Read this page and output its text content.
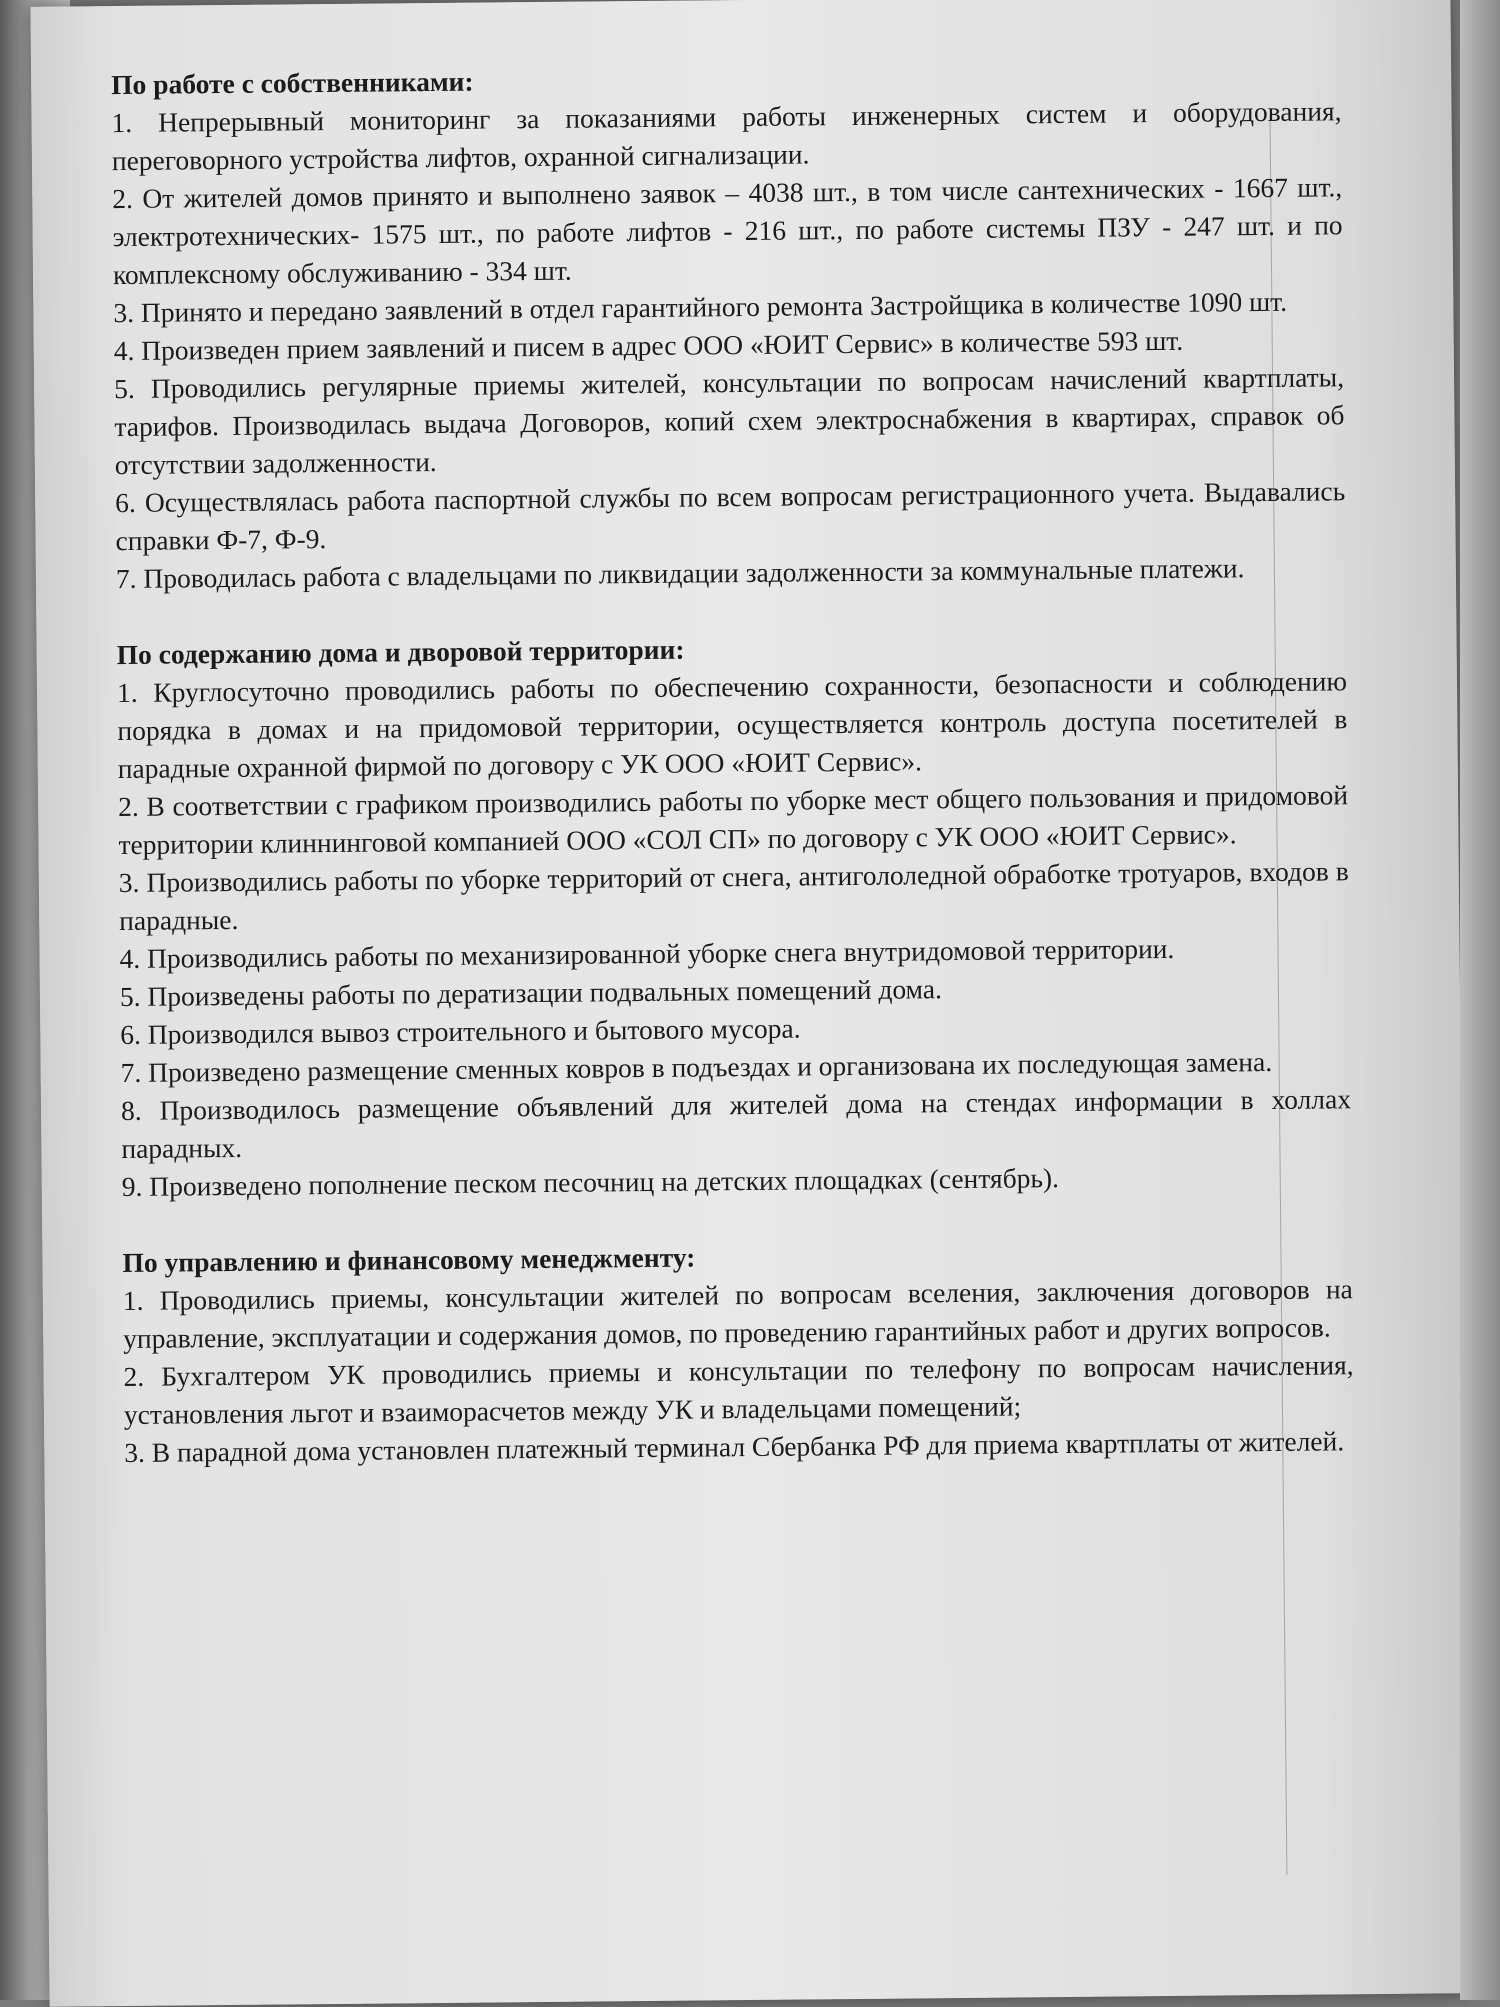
По работе с собственниками:

1. Непрерывный мониторинг за показаниями работы инженерных систем и оборудования, переговорного устройства лифтов, охранной сигнализации.

2. От жителей домов принято и выполнено заявок – 4038 шт., в том числе сантехнических - 1667 шт., электротехнических- 1575 шт., по работе лифтов - 216 шт., по работе системы ПЗУ - 247 шт. и по комплексному обслуживанию - 334 шт.

3. Принято и передано заявлений в отдел гарантийного ремонта Застройщика в количестве 1090 шт.

4. Произведен прием заявлений и писем в адрес ООО «ЮИТ Сервис» в количестве 593 шт.

5. Проводились регулярные приемы жителей, консультации по вопросам начислений квартплаты, тарифов. Производилась выдача Договоров, копий схем электроснабжения в квартирах, справок об отсутствии задолженности.

6. Осуществлялась работа паспортной службы по всем вопросам регистрационного учета. Выдавались справки Ф-7, Ф-9.

7. Проводилась работа с владельцами по ликвидации задолженности за коммунальные платежи.

По содержанию дома и дворовой территории:

1. Круглосуточно проводились работы по обеспечению сохранности, безопасности и соблюдению порядка в домах и на придомовой территории, осуществляется контроль доступа посетителей в парадные охранной фирмой по договору с УК ООО «ЮИТ Сервис».

2. В соответствии с графиком производились работы по уборке мест общего пользования и придомовой территории клиннинговой компанией ООО «СОЛ СП» по договору с УК ООО «ЮИТ Сервис».

3. Производились работы по уборке территорий от снега, антигололедной обработке тротуаров, входов в парадные.

4. Производились работы по механизированной уборке снега внутридомовой территории.

5. Произведены работы по дератизации подвальных помещений дома.

6. Производился вывоз строительного и бытового мусора.

7. Произведено размещение сменных ковров в подъездах и организована их последующая замена.

8. Производилось размещение объявлений для жителей дома на стендах информации в холлах парадных.

9. Произведено пополнение песком песочниц на детских площадках (сентябрь).

По управлению и финансовому менеджменту:

1. Проводились приемы, консультации жителей по вопросам вселения, заключения договоров на управление, эксплуатации и содержания домов, по проведению гарантийных работ и других вопросов.

2. Бухгалтером УК проводились приемы и консультации по телефону по вопросам начисления, установления льгот и взаиморасчетов между УК и владельцами помещений;

3. В парадной дома установлен платежный терминал Сбербанка РФ для приема квартплаты от жителей.
